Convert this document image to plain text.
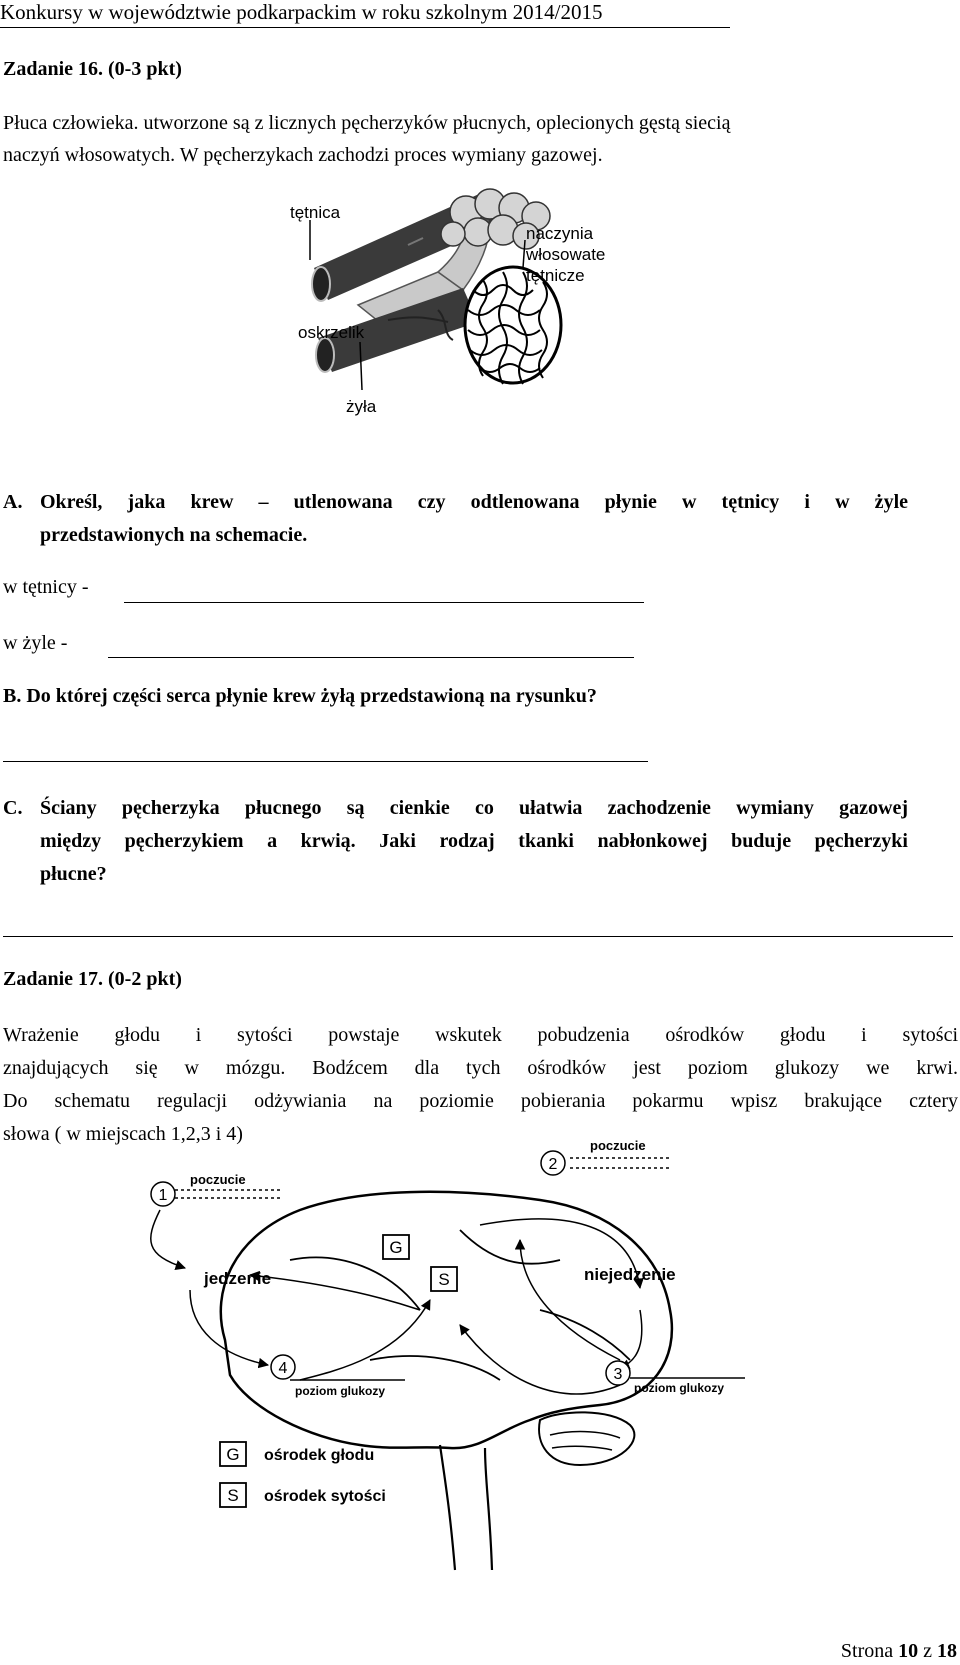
Konkursy w województwie podkarpackim w roku szkolnym 2014/2015
Zadanie 16. (0-3 pkt)
Płuca człowieka. utworzone są z licznych pęcherzyków płucnych, oplecionych gęstą siecią
naczyń włosowatych. W pęcherzykach zachodzi proces wymiany gazowej.
tętnica
naczynia
włosowate
tętnicze
oskrzelik
żyła
A. Określ, jaka krew – utlenowana czy odtlenowana płynie w tętnicy i w żyle
przedstawionych na schemacie.
w tętnicy -
w żyle -
B. Do której części serca płynie krew żyłą przedstawioną na rysunku?
C. Ściany pęcherzyka płucnego są cienkie co ułatwia zachodzenie wymiany gazowej
między pęcherzykiem a krwią. Jaki rodzaj tkanki nabłonkowej buduje pęcherzyki
płucne?
Zadanie 17. (0-2 pkt)
Wrażenie głodu i sytości powstaje wskutek pobudzenia ośrodków głodu i sytości
znajdujących się w mózgu. Bodźcem dla tych ośrodków jest poziom glukozy we krwi.
Do schematu regulacji odżywiania na poziomie pobierania pokarmu wpisz brakujące cztery
słowa ( w miejscach 1,2,3 i 4)
1
2
4	3
poczucie
poczucie
jedzenie	niejedzenie
poziom glukozy	poziom glukozy
G
S
G ośrodek głodu
S ośrodek sytości
Strona 10 z 18
